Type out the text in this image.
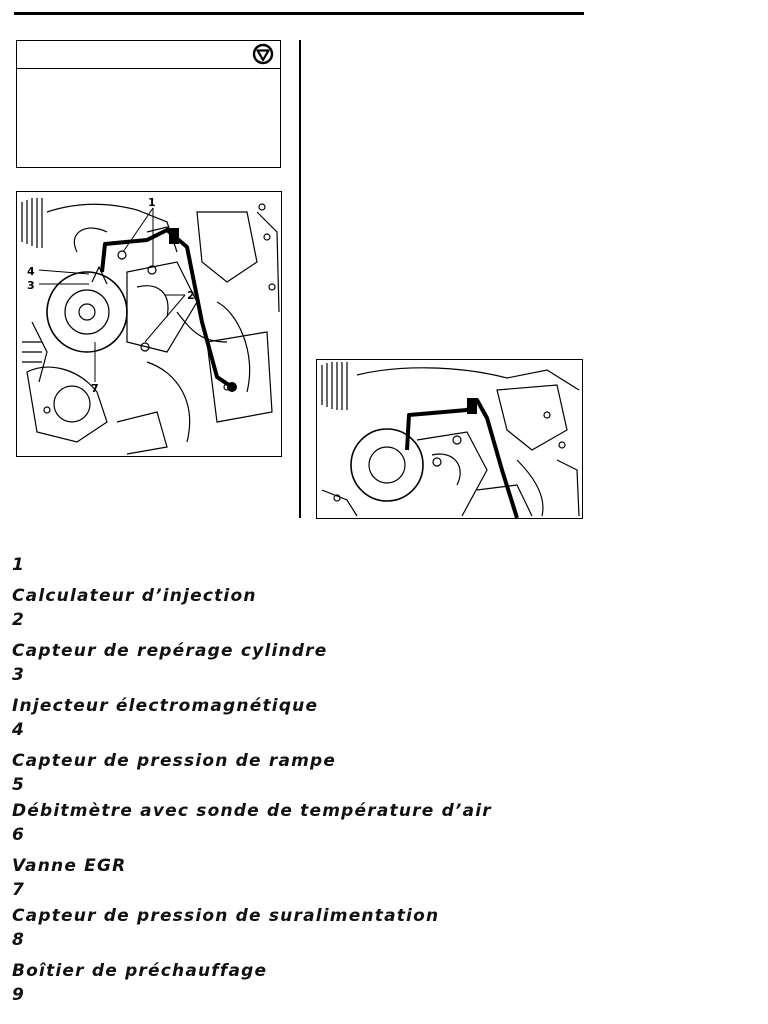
1
2
3
4
7
1
Calculateur d’injection
2
Capteur de repérage cylindre
3
Injecteur électromagnétique
4
Capteur de pression de rampe
5
Débitmètre avec sonde de température d’air
6
Vanne EGR
7
Capteur de pression de suralimentation
8
Boîtier de préchauffage
9
